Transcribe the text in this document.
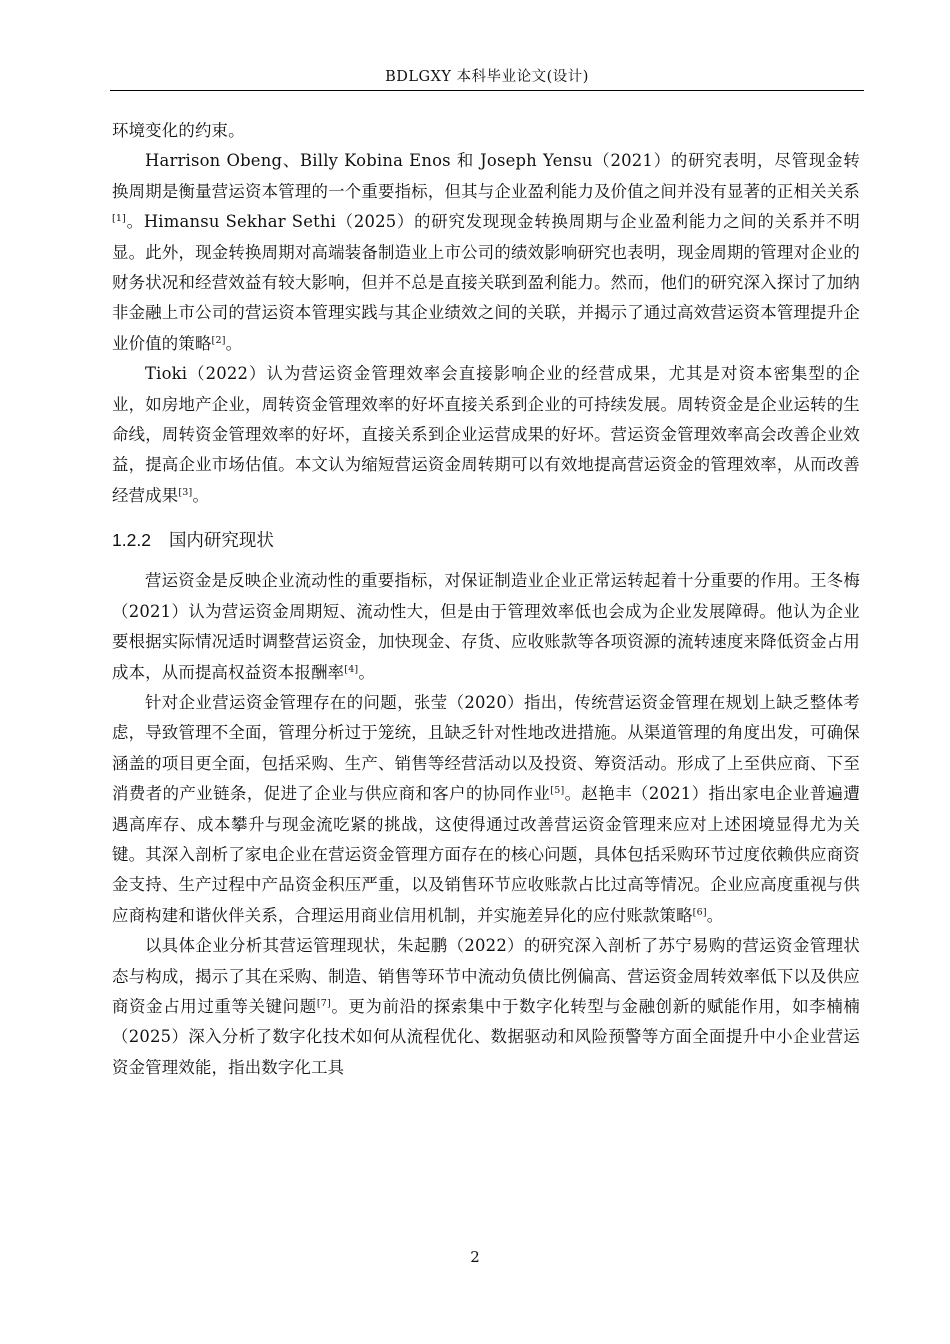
BDLGXY 本科毕业论文(设计)

环境变化的约束。

Harrison Obeng、Billy Kobina Enos 和 Joseph Yensu（2021）的研究表明，尽管现金转换周期是衡量营运资本管理的一个重要指标，但其与企业盈利能力及价值之间并没有显著的正相关关系[1]。Himansu Sekhar Sethi（2025）的研究发现现金转换周期与企业盈利能力之间的关系并不明显。此外，现金转换周期对高端装备制造业上市公司的绩效影响研究也表明，现金周期的管理对企业的财务状况和经营效益有较大影响，但并不总是直接关联到盈利能力。然而，他们的研究深入探讨了加纳非金融上市公司的营运资本管理实践与其企业绩效之间的关联，并揭示了通过高效营运资本管理提升企业价值的策略[2]。

Tioki（2022）认为营运资金管理效率会直接影响企业的经营成果，尤其是对资本密集型的企业，如房地产企业，周转资金管理效率的好坏直接关系到企业的可持续发展。周转资金是企业运转的生命线，周转资金管理效率的好坏，直接关系到企业运营成果的好坏。营运资金管理效率高会改善企业效益，提高企业市场估值。本文认为缩短营运资金周转期可以有效地提高营运资金的管理效率，从而改善经营成果[3]。

1.2.2 国内研究现状

营运资金是反映企业流动性的重要指标，对保证制造业企业正常运转起着十分重要的作用。王冬梅（2021）认为营运资金周期短、流动性大，但是由于管理效率低也会成为企业发展障碍。他认为企业要根据实际情况适时调整营运资金，加快现金、存货、应收账款等各项资源的流转速度来降低资金占用成本，从而提高权益资本报酬率[4]。

针对企业营运资金管理存在的问题，张莹（2020）指出，传统营运资金管理在规划上缺乏整体考虑，导致管理不全面，管理分析过于笼统，且缺乏针对性地改进措施。从渠道管理的角度出发，可确保涵盖的项目更全面，包括采购、生产、销售等经营活动以及投资、筹资活动。形成了上至供应商、下至消费者的产业链条，促进了企业与供应商和客户的协同作业[5]。赵艳丰（2021）指出家电企业普遍遭遇高库存、成本攀升与现金流吃紧的挑战，这使得通过改善营运资金管理来应对上述困境显得尤为关键。其深入剖析了家电企业在营运资金管理方面存在的核心问题，具体包括采购环节过度依赖供应商资金支持、生产过程中产品资金积压严重，以及销售环节应收账款占比过高等情况。企业应高度重视与供应商构建和谐伙伴关系，合理运用商业信用机制，并实施差异化的应付账款策略[6]。

以具体企业分析其营运管理现状，朱起鹏（2022）的研究深入剖析了苏宁易购的营运资金管理状态与构成，揭示了其在采购、制造、销售等环节中流动负债比例偏高、营运资金周转效率低下以及供应商资金占用过重等关键问题[7]。更为前沿的探索集中于数字化转型与金融创新的赋能作用，如李楠楠（2025）深入分析了数字化技术如何从流程优化、数据驱动和风险预警等方面全面提升中小企业营运资金管理效能，指出数字化工具

2
